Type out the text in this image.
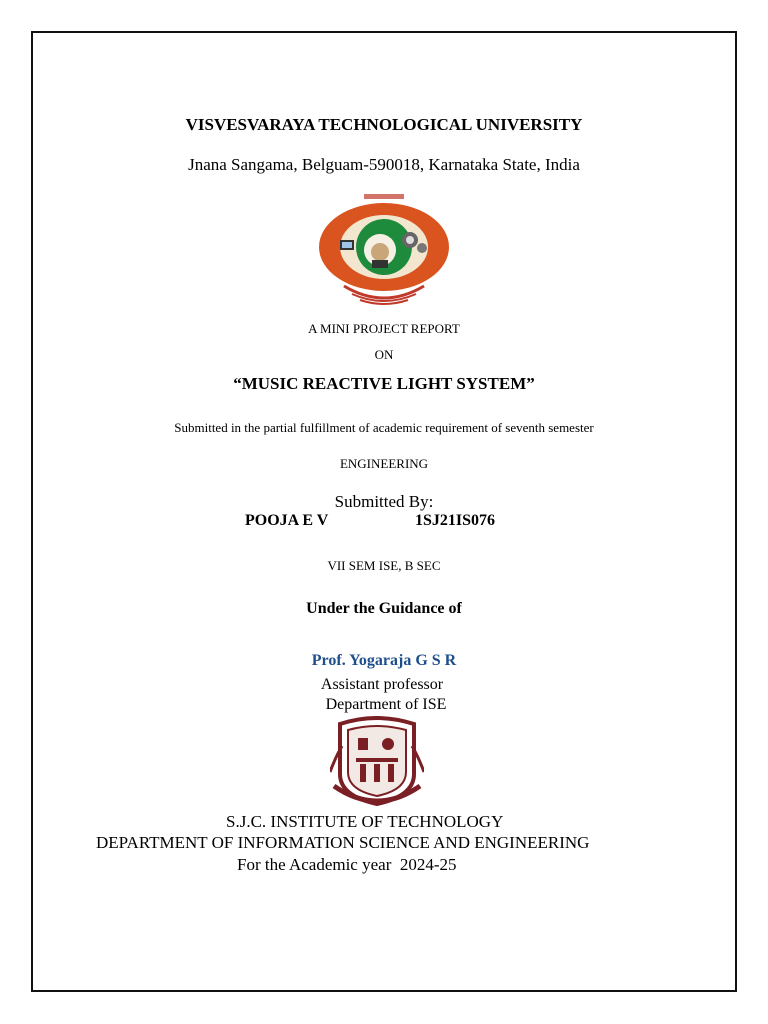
VISVESVARAYA TECHNOLOGICAL UNIVERSITY
Jnana Sangama, Belguam-590018, Karnataka State, India
A MINI PROJECT REPORT
ON
“MUSIC REACTIVE LIGHT SYSTEM”
Submitted in the partial fulfillment of academic requirement of seventh semester
ENGINEERING
Submitted By:
POOJA E V	1SJ21IS076
VII SEM ISE, B SEC
Under the Guidance of
Prof. Yogaraja G S R
Assistant professor
Department of ISE
S.J.C. INSTITUTE OF TECHNOLOGY
DEPARTMENT OF INFORMATION SCIENCE AND ENGINEERING
For the Academic year  2024-25
